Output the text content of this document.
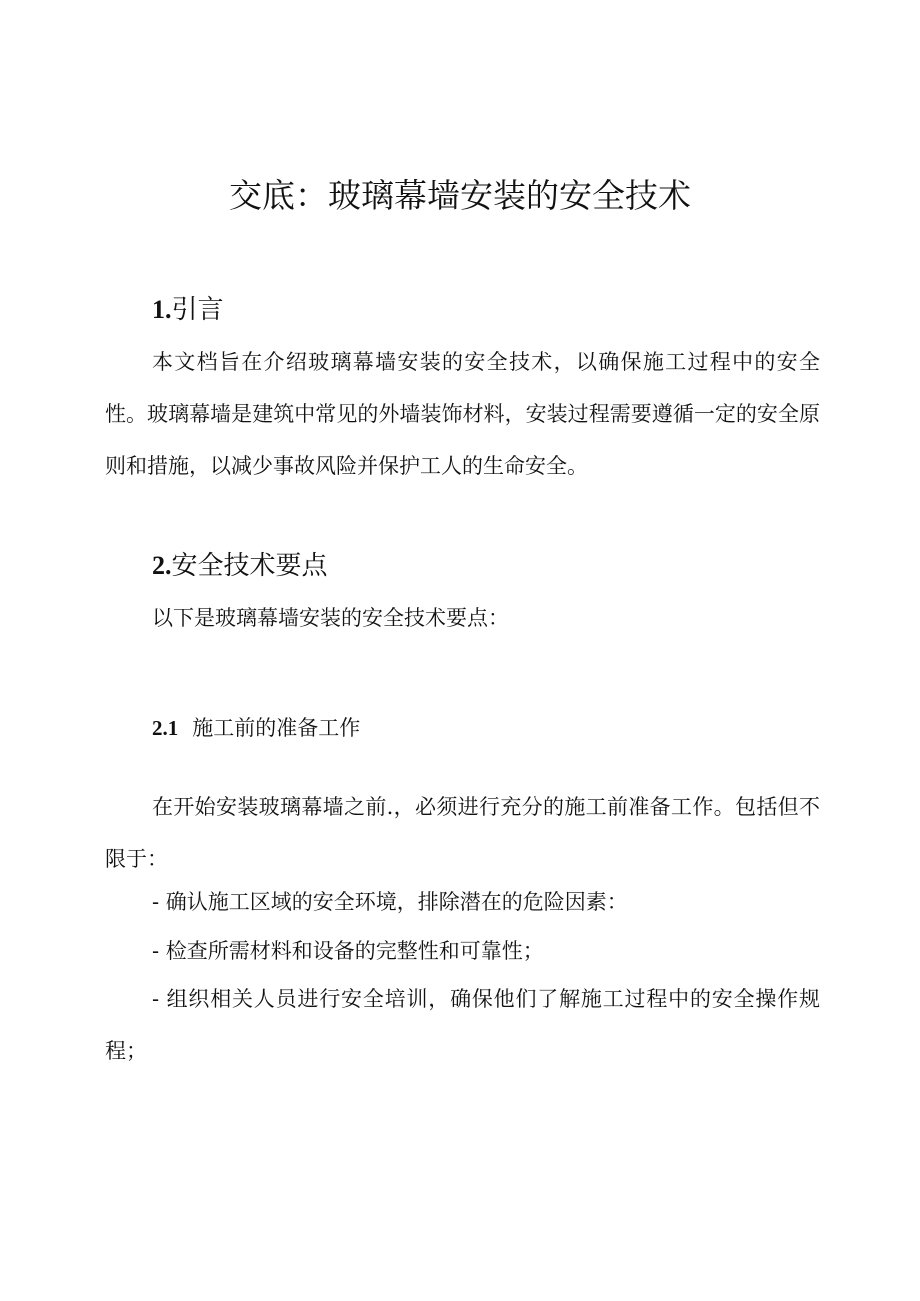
交底：玻璃幕墙安装的安全技术
1.引言

本文档旨在介绍玻璃幕墙安装的安全技术，以确保施工过程中的安全性。玻璃幕墙是建筑中常见的外墙装饰材料，安装过程需要遵循一定的安全原则和措施，以减少事故风险并保护工人的生命安全。

2.安全技术要点

以下是玻璃幕墙安装的安全技术要点：

2.1 施工前的准备工作

在开始安装玻璃幕墙之前.，必须进行充分的施工前准备工作。包括但不限于：

- 确认施工区域的安全环境，排除潜在的危险因素：

- 检查所需材料和设备的完整性和可靠性；

- 组织相关人员进行安全培训，确保他们了解施工过程中的安全操作规程；
